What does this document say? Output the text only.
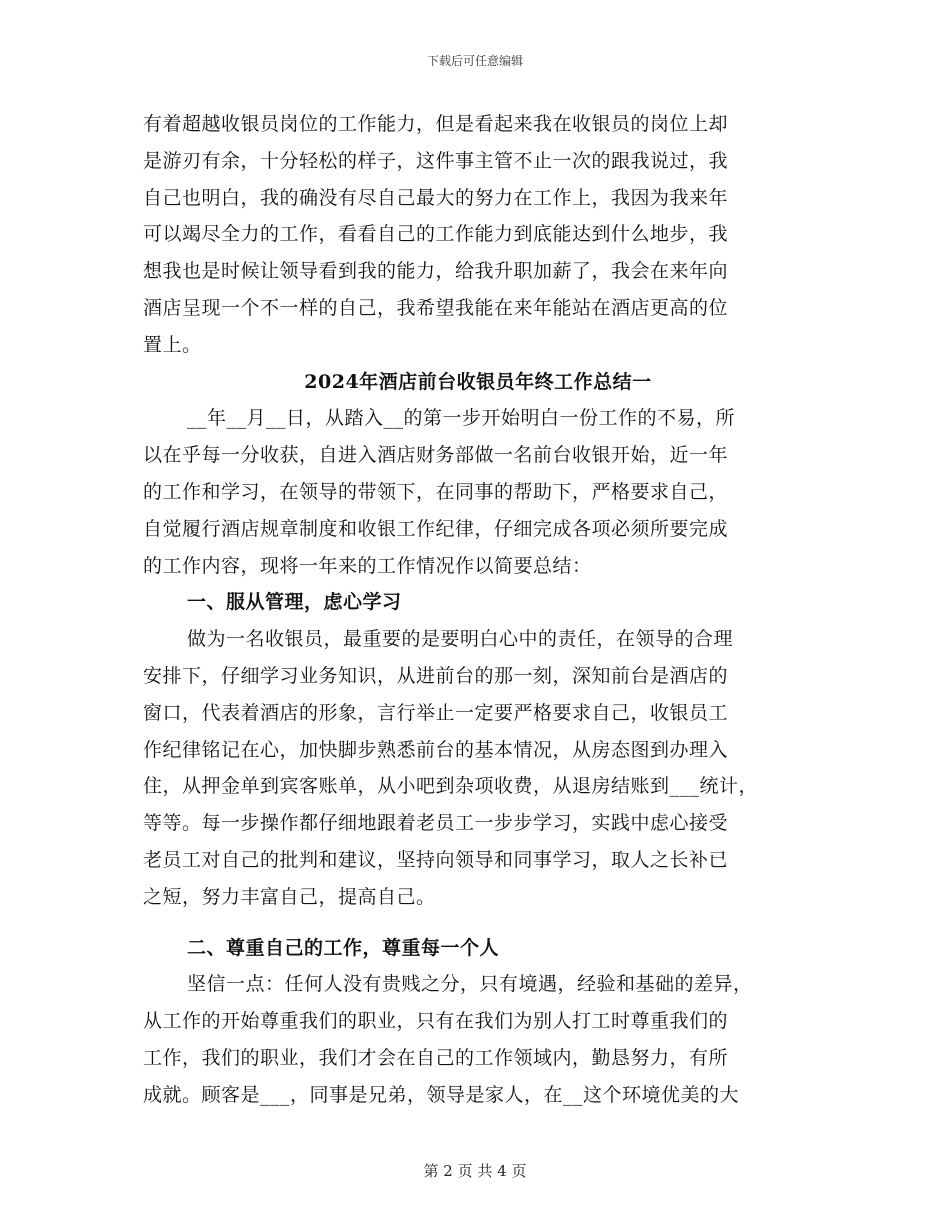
下载后可任意编辑
有着超越收银员岗位的工作能力，但是看起来我在收银员的岗位上却
是游刃有余，十分轻松的样子，这件事主管不止一次的跟我说过，我
自己也明白，我的确没有尽自己最大的努力在工作上，我因为我来年
可以竭尽全力的工作，看看自己的工作能力到底能达到什么地步，我
想我也是时候让领导看到我的能力，给我升职加薪了，我会在来年向
酒店呈现一个不一样的自己，我希望我能在来年能站在酒店更高的位
置上。
2024年酒店前台收银员年终工作总结一
__年__月__日，从踏入__的第一步开始明白一份工作的不易，所
以在乎每一分收获，自进入酒店财务部做一名前台收银开始，近一年
的工作和学习，在领导的带领下，在同事的帮助下，严格要求自己，
自觉履行酒店规章制度和收银工作纪律，仔细完成各项必须所要完成
的工作内容，现将一年来的工作情况作以简要总结：
一、服从管理，虑心学习
做为一名收银员，最重要的是要明白心中的责任，在领导的合理
安排下，仔细学习业务知识，从进前台的那一刻，深知前台是酒店的
窗口，代表着酒店的形象，言行举止一定要严格要求自己，收银员工
作纪律铭记在心，加快脚步熟悉前台的基本情况，从房态图到办理入
住，从押金单到宾客账单，从小吧到杂项收费，从退房结账到___统计，
等等。每一步操作都仔细地跟着老员工一步步学习，实践中虑心接受
老员工对自己的批判和建议，坚持向领导和同事学习，取人之长补已
之短，努力丰富自己，提高自己。
二、尊重自己的工作，尊重每一个人
坚信一点：任何人没有贵贱之分，只有境遇，经验和基础的差异，
从工作的开始尊重我们的职业，只有在我们为别人打工时尊重我们的
工作，我们的职业，我们才会在自己的工作领域内，勤恳努力，有所
成就。顾客是___，同事是兄弟，领导是家人，在__这个环境优美的大
第 2 页 共 4 页
